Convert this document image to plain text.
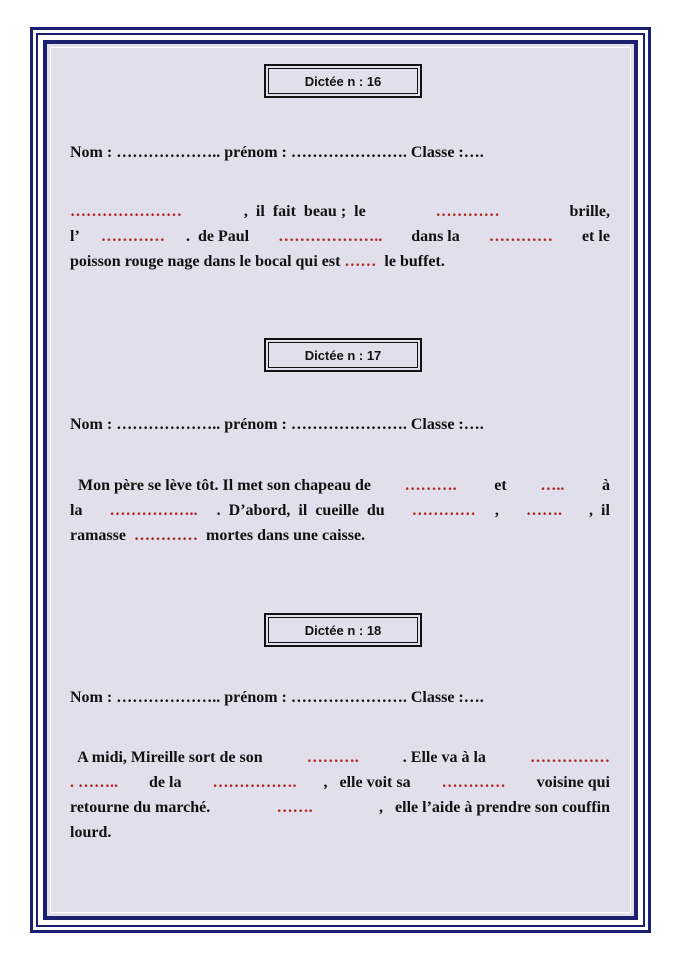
Dictée n : 16
Nom : ……………….. prénom : …………………. Classe :….
…………………	,  il  fait  beau ;  le	…………	brille,
l’ ………… .  de Paul ……………….. dans la ………… et le
poisson rouge nage dans le bocal qui est ……  le buffet.
Dictée n : 17
Nom : ……………….. prénom : …………………. Classe :….
Mon père se lève tôt. Il met son chapeau de ………. et ….. à
la …………….. .  D’abord,  il  cueille  du ………… , ……. ,  il
ramasse  …………  mortes dans une caisse.
Dictée n : 18
Nom : ……………….. prénom : …………………. Classe :….
A midi, Mireille sort de son	……….	. Elle va à la	……………
. …….. de la ……………. ,   elle voit sa ………… voisine qui
retourne du marché.	…….	,   elle l’aide à prendre son couffin
lourd.
